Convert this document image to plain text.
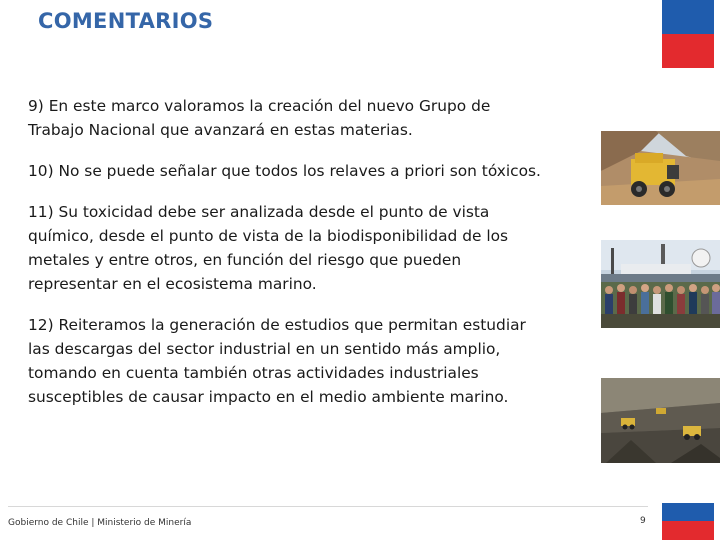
COMENTARIOS
9) En este marco valoramos la creación del nuevo Grupo de Trabajo Nacional que avanzará en estas materias.
10) No se puede señalar que todos los relaves a priori son tóxicos.
11) Su toxicidad debe ser analizada desde el punto de vista químico, desde el punto de vista de la biodisponibilidad de los metales y entre otros, en función del riesgo que pueden representar en el ecosistema marino.
12) Reiteramos la generación de estudios que permitan estudiar las descargas del sector industrial en un sentido más amplio, tomando en cuenta también otras actividades industriales susceptibles de causar impacto en el medio ambiente marino.
Gobierno de Chile | Ministerio de Minería	9
